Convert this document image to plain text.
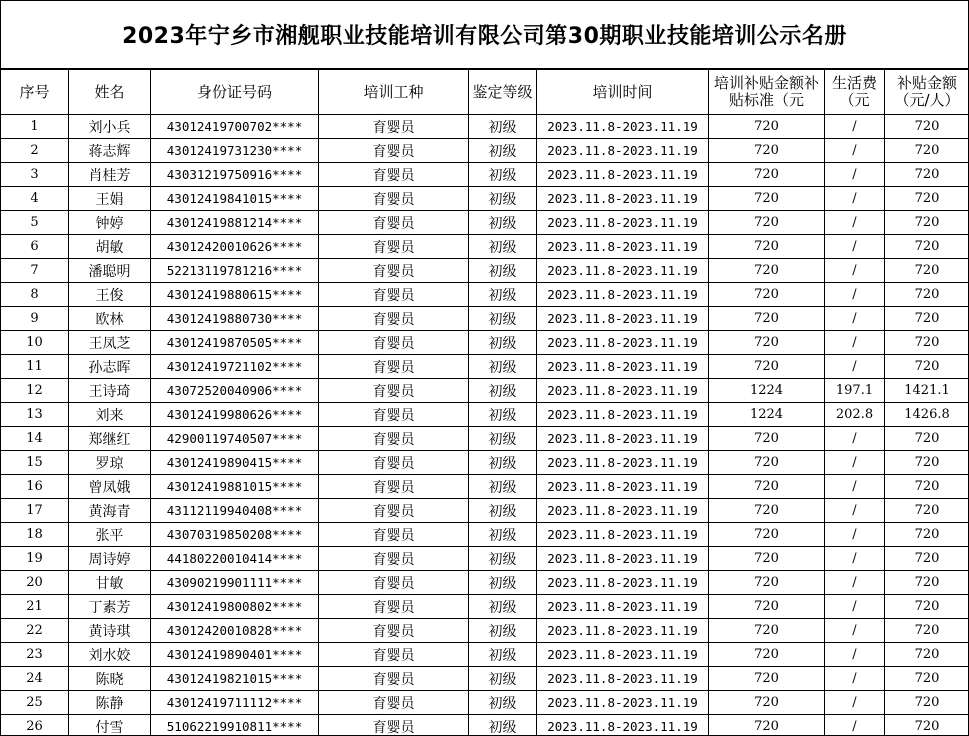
2023年宁乡市湘舰职业技能培训有限公司第30期职业技能培训公示名册
序号	姓名	身份证号码	培训工种	鉴定等级	培训时间	培训补贴金额补贴标准（元	生活费（元	补贴金额（元/人）
1	刘小兵	43012419700702****	育婴员	初级	2023.11.8-2023.11.19	720	/	720
2	蒋志辉	43012419731230****	育婴员	初级	2023.11.8-2023.11.19	720	/	720
3	肖桂芳	43031219750916****	育婴员	初级	2023.11.8-2023.11.19	720	/	720
4	王娟	43012419841015****	育婴员	初级	2023.11.8-2023.11.19	720	/	720
5	钟婷	43012419881214****	育婴员	初级	2023.11.8-2023.11.19	720	/	720
6	胡敏	43012420010626****	育婴员	初级	2023.11.8-2023.11.19	720	/	720
7	潘聪明	52213119781216****	育婴员	初级	2023.11.8-2023.11.19	720	/	720
8	王俊	43012419880615****	育婴员	初级	2023.11.8-2023.11.19	720	/	720
9	欧林	43012419880730****	育婴员	初级	2023.11.8-2023.11.19	720	/	720
10	王凤芝	43012419870505****	育婴员	初级	2023.11.8-2023.11.19	720	/	720
11	孙志晖	43012419721102****	育婴员	初级	2023.11.8-2023.11.19	720	/	720
12	王诗琦	43072520040906****	育婴员	初级	2023.11.8-2023.11.19	1224	197.1	1421.1
13	刘来	43012419980626****	育婴员	初级	2023.11.8-2023.11.19	1224	202.8	1426.8
14	郑继红	42900119740507****	育婴员	初级	2023.11.8-2023.11.19	720	/	720
15	罗琼	43012419890415****	育婴员	初级	2023.11.8-2023.11.19	720	/	720
16	曾凤娥	43012419881015****	育婴员	初级	2023.11.8-2023.11.19	720	/	720
17	黄海青	43112119940408****	育婴员	初级	2023.11.8-2023.11.19	720	/	720
18	张平	43070319850208****	育婴员	初级	2023.11.8-2023.11.19	720	/	720
19	周诗婷	44180220010414****	育婴员	初级	2023.11.8-2023.11.19	720	/	720
20	甘敏	43090219901111****	育婴员	初级	2023.11.8-2023.11.19	720	/	720
21	丁素芳	43012419800802****	育婴员	初级	2023.11.8-2023.11.19	720	/	720
22	黄诗琪	43012420010828****	育婴员	初级	2023.11.8-2023.11.19	720	/	720
23	刘水姣	43012419890401****	育婴员	初级	2023.11.8-2023.11.19	720	/	720
24	陈晓	43012419821015****	育婴员	初级	2023.11.8-2023.11.19	720	/	720
25	陈静	43012419711112****	育婴员	初级	2023.11.8-2023.11.19	720	/	720
26	付雪	51062219910811****	育婴员	初级	2023.11.8-2023.11.19	720	/	720
